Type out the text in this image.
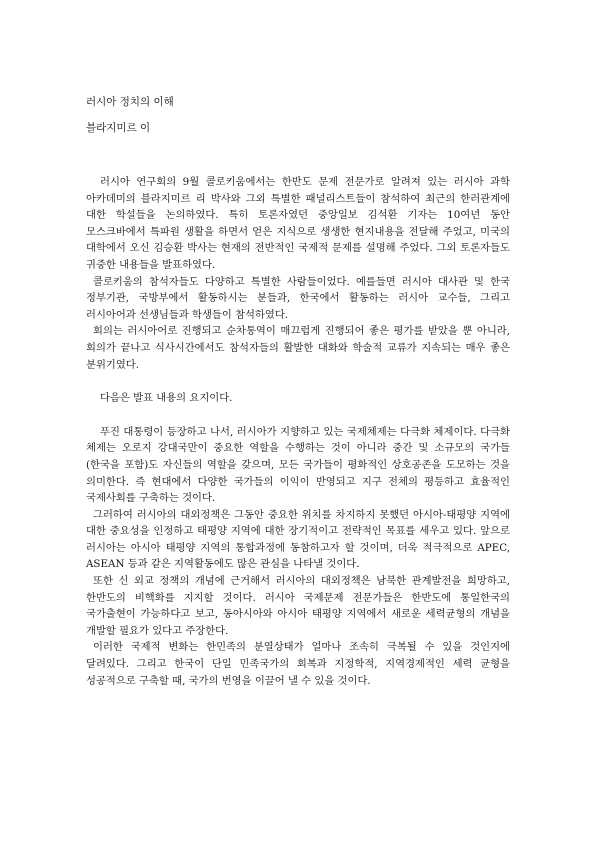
러시아 정치의 이해
블라지미르 이

러시아 연구회의 9월 콜로키움에서는 한반도 문제 전문가로 알려져 있는 러시아 과학 아카데미의 블라지미르 리 박사와 그외 특별한 패널리스트들이 참석하여 최근의 한러관계에 대한 학설들을 논의하였다. 특히 토론자였던 중앙일보 김석환 기자는 10여년 동안 모스크바에서 특파원 생활을 하면서 얻은 지식으로 생생한 현지내용을 전달해 주었고, 미국의 대학에서 오신 김승환 박사는 현재의 전반적인 국제적 문제를 설명해 주었다. 그외 토론자들도 귀중한 내용들을 발표하였다.

콜로키움의 참석자들도 다양하고 특별한 사람들이었다. 예를들면 러시아 대사관 및 한국 정부기관, 국방부에서 활동하시는 분들과, 한국에서 활동하는 러시아 교수들, 그리고 러시아어과 선생님들과 학생들이 참석하였다.

회의는 러시아어로 진행되고 순차통역이 매끄럽게 진행되어 좋은 평가를 받았을 뿐 아니라, 회의가 끝나고 식사시간에서도 참석자들의 활발한 대화와 학술적 교류가 지속되는 매우 좋은 분위기였다.

다음은 발표 내용의 요지이다.

푸진 대통령이 등장하고 나서, 러시아가 지향하고 있는 국제체제는 다극화 체제이다. 다극화 체제는 오로지 강대국만이 중요한 역할을 수행하는 것이 아니라 중간 및 소규모의 국가들(한국을 포함)도 자신들의 역할을 갖으며, 모든 국가들이 평화적인 상호공존을 도모하는 것을 의미한다. 즉 현대에서 다양한 국가들의 이익이 반영되고 지구 전체의 평등하고 효율적인 국제사회를 구축하는 것이다.

그러하여 러시아의 대외정책은 그동안 중요한 위치를 차지하지 못했던 아시아-태평양 지역에 대한 중요성을 인정하고 태평양 지역에 대한 장기적이고 전략적인 목표를 세우고 있다. 앞으로 러시아는 아시아 태평양 지역의 통합과정에 동참하고자 할 것이며, 더욱 적극적으로 APEC, ASEAN 등과 같은 지역활동에도 많은 관심을 나타낼 것이다.

또한 신 외교 정책의 개념에 근거해서 러시아의 대외정책은 남북한 관계발전을 희망하고, 한반도의 비핵화를 지지할 것이다. 러시아 국제문제 전문가들은 한반도에 통일한국의 국가출현이 가능하다고 보고, 동아시아와 아시아 태평양 지역에서 새로운 세력균형의 개념을 개발할 필요가 있다고 주장한다.

이러한 국제적 변화는 한민족의 분열상태가 얼마나 조속히 극복될 수 있을 것인지에 달려있다. 그리고 한국이 단일 민족국가의 회복과 지정학적, 지역경제적인 세력 균형을 성공적으로 구축할 때, 국가의 번영을 이끌어 낼 수 있을 것이다.
